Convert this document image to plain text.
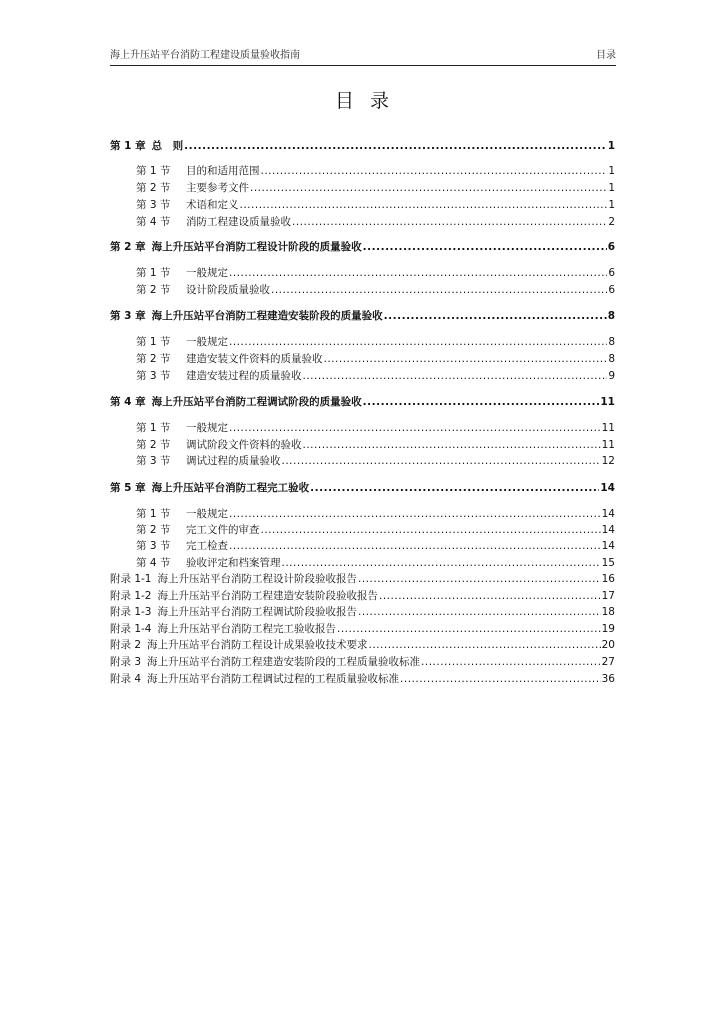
海上升压站平台消防工程建设质量验收指南	目录
目录
第 1 章 总　则 .....	1
第 1 节 目的和适用范围 .....	1
第 2 节 主要参考文件 .....	1
第 3 节 术语和定义 .....	1
第 4 节 消防工程建设质量验收 .....	2
第 2 章 海上升压站平台消防工程设计阶段的质量验收 .....	6
第 1 节 一般规定 .....	6
第 2 节 设计阶段质量验收 .....	6
第 3 章 海上升压站平台消防工程建造安装阶段的质量验收 .....	8
第 1 节 一般规定 .....	8
第 2 节 建造安装文件资料的质量验收 .....	8
第 3 节 建造安装过程的质量验收 .....	9
第 4 章 海上升压站平台消防工程调试阶段的质量验收 .....	11
第 1 节 一般规定 .....	11
第 2 节 调试阶段文件资料的验收 .....	11
第 3 节 调试过程的质量验收 .....	12
第 5 章 海上升压站平台消防工程完工验收 .....	14
第 1 节 一般规定 .....	14
第 2 节 完工文件的审查 .....	14
第 3 节 完工检查 .....	14
第 4 节 验收评定和档案管理 .....	15
附录 1-1 海上升压站平台消防工程设计阶段验收报告 .....	16
附录 1-2 海上升压站平台消防工程建造安装阶段验收报告 .....	17
附录 1-3 海上升压站平台消防工程调试阶段验收报告 .....	18
附录 1-4 海上升压站平台消防工程完工验收报告 .....	19
附录 2 海上升压站平台消防工程设计成果验收技术要求 .....	20
附录 3 海上升压站平台消防工程建造安装阶段的工程质量验收标准 .....	27
附录 4 海上升压站平台消防工程调试过程的工程质量验收标准 .....	36
